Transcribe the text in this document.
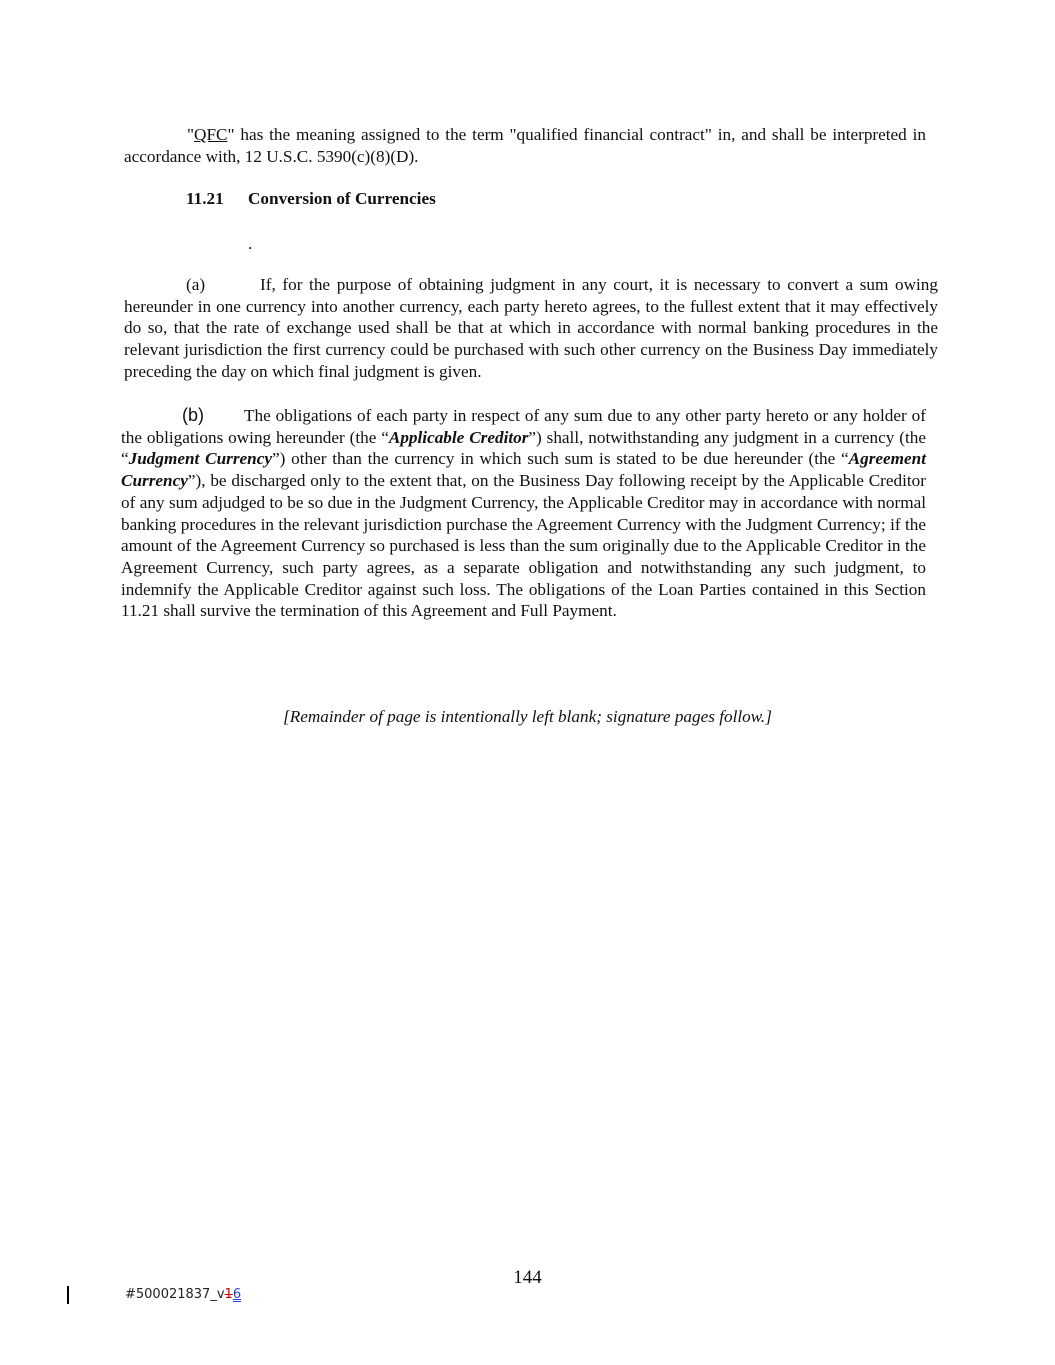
"QFC" has the meaning assigned to the term "qualified financial contract" in, and shall be interpreted in accordance with, 12 U.S.C. 5390(c)(8)(D).

11.21 Conversion of Currencies
.

(a)	If, for the purpose of obtaining judgment in any court, it is necessary to convert a sum owing hereunder in one currency into another currency, each party hereto agrees, to the fullest extent that it may effectively do so, that the rate of exchange used shall be that at which in accordance with normal banking procedures in the relevant jurisdiction the first currency could be purchased with such other currency on the Business Day immediately preceding the day on which final judgment is given.

(b) The obligations of each party in respect of any sum due to any other party hereto or any holder of the obligations owing hereunder (the “Applicable Creditor”) shall, notwithstanding any judgment in a currency (the “Judgment Currency”) other than the currency in which such sum is stated to be due hereunder (the “Agreement Currency”), be discharged only to the extent that, on the Business Day following receipt by the Applicable Creditor of any sum adjudged to be so due in the Judgment Currency, the Applicable Creditor may in accordance with normal banking procedures in the relevant jurisdiction purchase the Agreement Currency with the Judgment Currency; if the amount of the Agreement Currency so purchased is less than the sum originally due to the Applicable Creditor in the Agreement Currency, such party agrees, as a separate obligation and notwithstanding any such judgment, to indemnify the Applicable Creditor against such loss. The obligations of the Loan Parties contained in this Section 11.21 shall survive the termination of this Agreement and Full Payment.

[Remainder of page is intentionally left blank; signature pages follow.]
144
#500021837_v16
